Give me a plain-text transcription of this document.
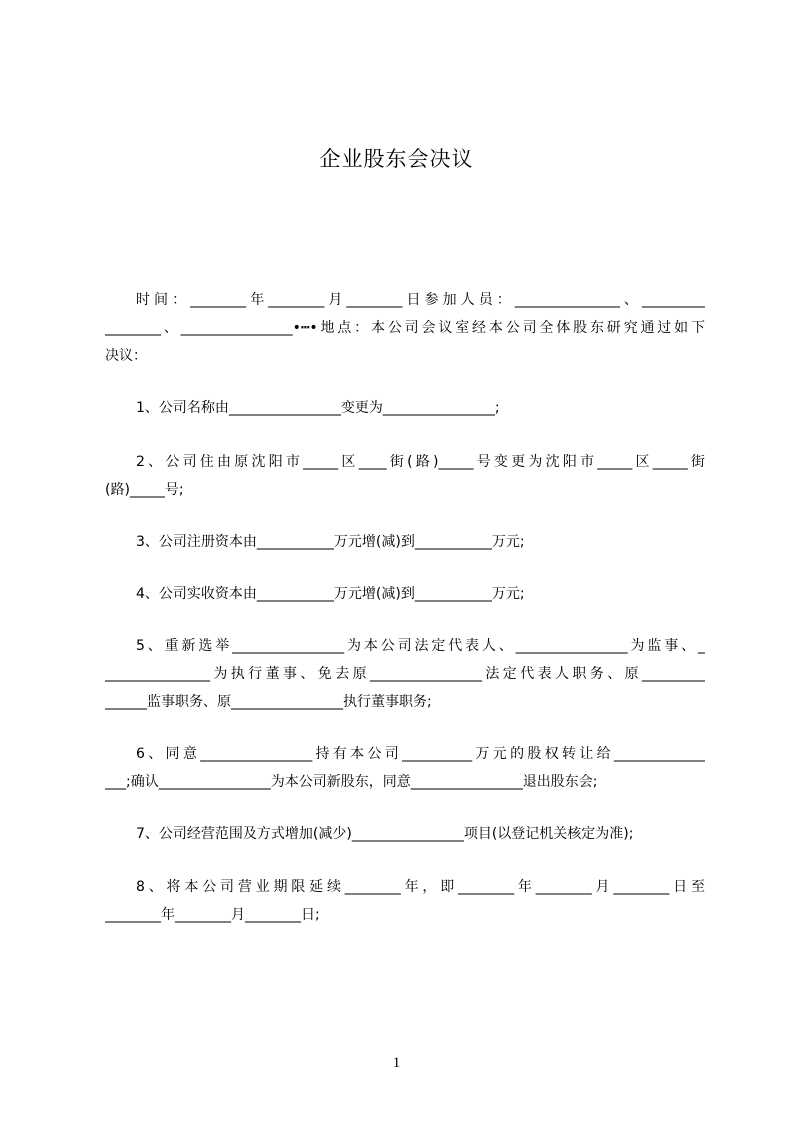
企业股东会决议
时间：________年________月________日参加人员：_______________、_________
________、________________•┅•地点：本公司会议室经本公司全体股东研究通过如下
决议：
1、公司名称由________________变更为________________;
2、公司住由原沈阳市_____区____街(路)_____号变更为沈阳市_____区_____街
(路)_____号;
3、公司注册资本由___________万元增(减)到___________万元;
4、公司实收资本由___________万元增(减)到___________万元;
5、重新选举________________为本公司法定代表人、________________为监事、_
_______________为执行董事、免去原________________法定代表人职务、原_________
______监事职务、原________________执行董事职务;
6、同意________________持有本公司__________万元的股权转让给_____________
___;确认________________为本公司新股东，同意________________退出股东会;
7、公司经营范围及方式增加(减少)________________项目(以登记机关核定为准);
8、将本公司营业期限延续________年，即________年________月________日至
________年________月________日;
1
